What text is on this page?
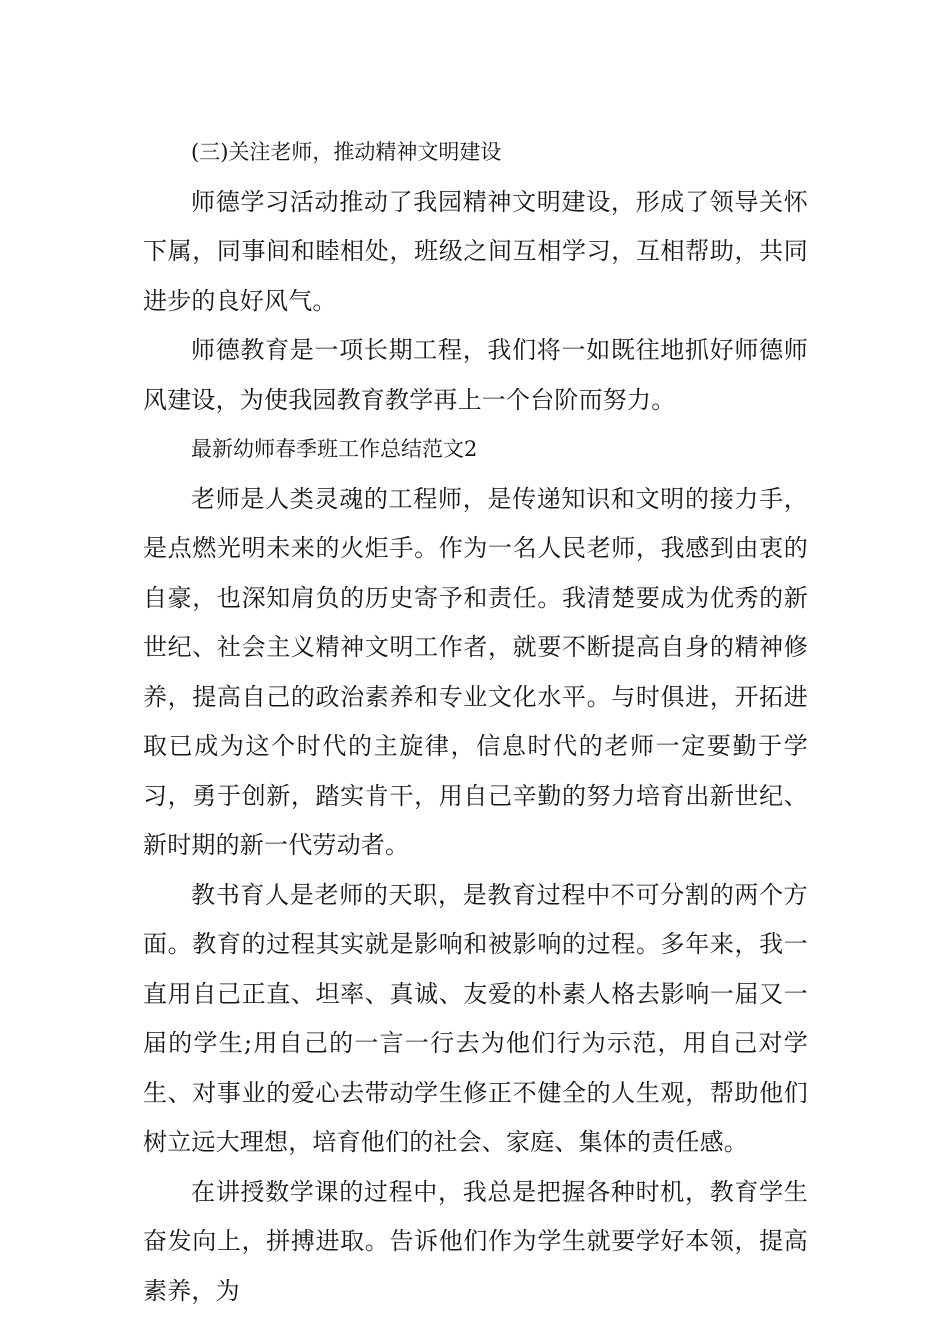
(三)关注老师，推动精神文明建设

师德学习活动推动了我园精神文明建设，形成了领导关怀下属，同事间和睦相处，班级之间互相学习，互相帮助，共同进步的良好风气。

师德教育是一项长期工程，我们将一如既往地抓好师德师风建设，为使我园教育教学再上一个台阶而努力。

最新幼师春季班工作总结范文2

老师是人类灵魂的工程师，是传递知识和文明的接力手，是点燃光明未来的火炬手。作为一名人民老师，我感到由衷的自豪，也深知肩负的历史寄予和责任。我清楚要成为优秀的新世纪、社会主义精神文明工作者，就要不断提高自身的精神修养，提高自己的政治素养和专业文化水平。与时俱进，开拓进取已成为这个时代的主旋律，信息时代的老师一定要勤于学习，勇于创新，踏实肯干，用自己辛勤的努力培育出新世纪、新时期的新一代劳动者。

教书育人是老师的天职，是教育过程中不可分割的两个方面。教育的过程其实就是影响和被影响的过程。多年来，我一直用自己正直、坦率、真诚、友爱的朴素人格去影响一届又一届的学生;用自己的一言一行去为他们行为示范，用自己对学生、对事业的爱心去带动学生修正不健全的人生观，帮助他们树立远大理想，培育他们的社会、家庭、集体的责任感。

在讲授数学课的过程中，我总是把握各种时机，教育学生奋发向上，拼搏进取。告诉他们作为学生就要学好本领，提高素养，为
